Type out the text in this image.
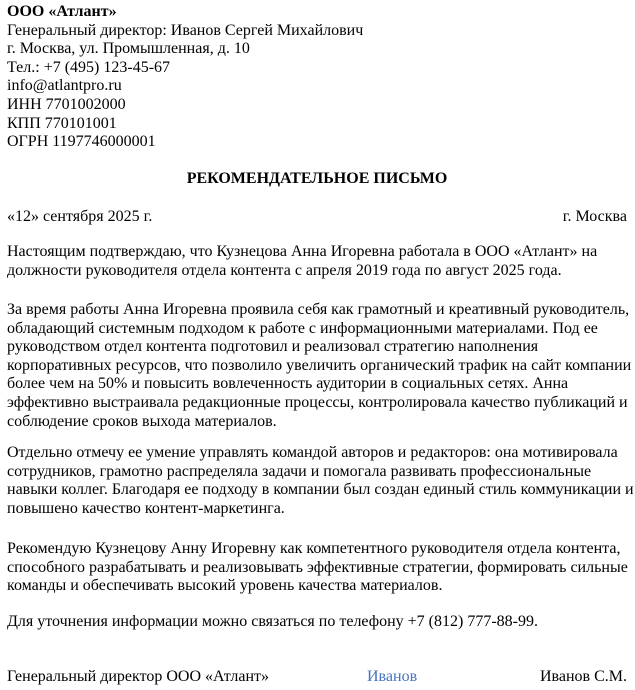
ООО «Атлант»
Генеральный директор: Иванов Сергей Михайлович
г. Москва, ул. Промышленная, д. 10
Тел.: +7 (495) 123-45-67
info@atlantpro.ru
ИНН 7701002000
КПП 770101001
ОГРН 1197746000001
РЕКОМЕНДАТЕЛЬНОЕ ПИСЬМО
«12» сентября 2025 г.	г. Москва
Настоящим подтверждаю, что Кузнецова Анна Игоревна работала в ООО «Атлант» на должности руководителя отдела контента с апреля 2019 года по август 2025 года.
За время работы Анна Игоревна проявила себя как грамотный и креативный руководитель, обладающий системным подходом к работе с информационными материалами. Под ее руководством отдел контента подготовил и реализовал стратегию наполнения корпоративных ресурсов, что позволило увеличить органический трафик на сайт компании более чем на 50% и повысить вовлеченность аудитории в социальных сетях. Анна эффективно выстраивала редакционные процессы, контролировала качество публикаций и соблюдение сроков выхода материалов.
Отдельно отмечу ее умение управлять командой авторов и редакторов: она мотивировала сотрудников, грамотно распределяла задачи и помогала развивать профессиональные навыки коллег. Благодаря ее подходу в компании был создан единый стиль коммуникации и повышено качество контент-маркетинга.
Рекомендую Кузнецову Анну Игоревну как компетентного руководителя отдела контента, способного разрабатывать и реализовывать эффективные стратегии, формировать сильные команды и обеспечивать высокий уровень качества материалов.
Для уточнения информации можно связаться по телефону +7 (812) 777-88-99.
Генеральный директор ООО «Атлант»	Иванов	Иванов С.М.
